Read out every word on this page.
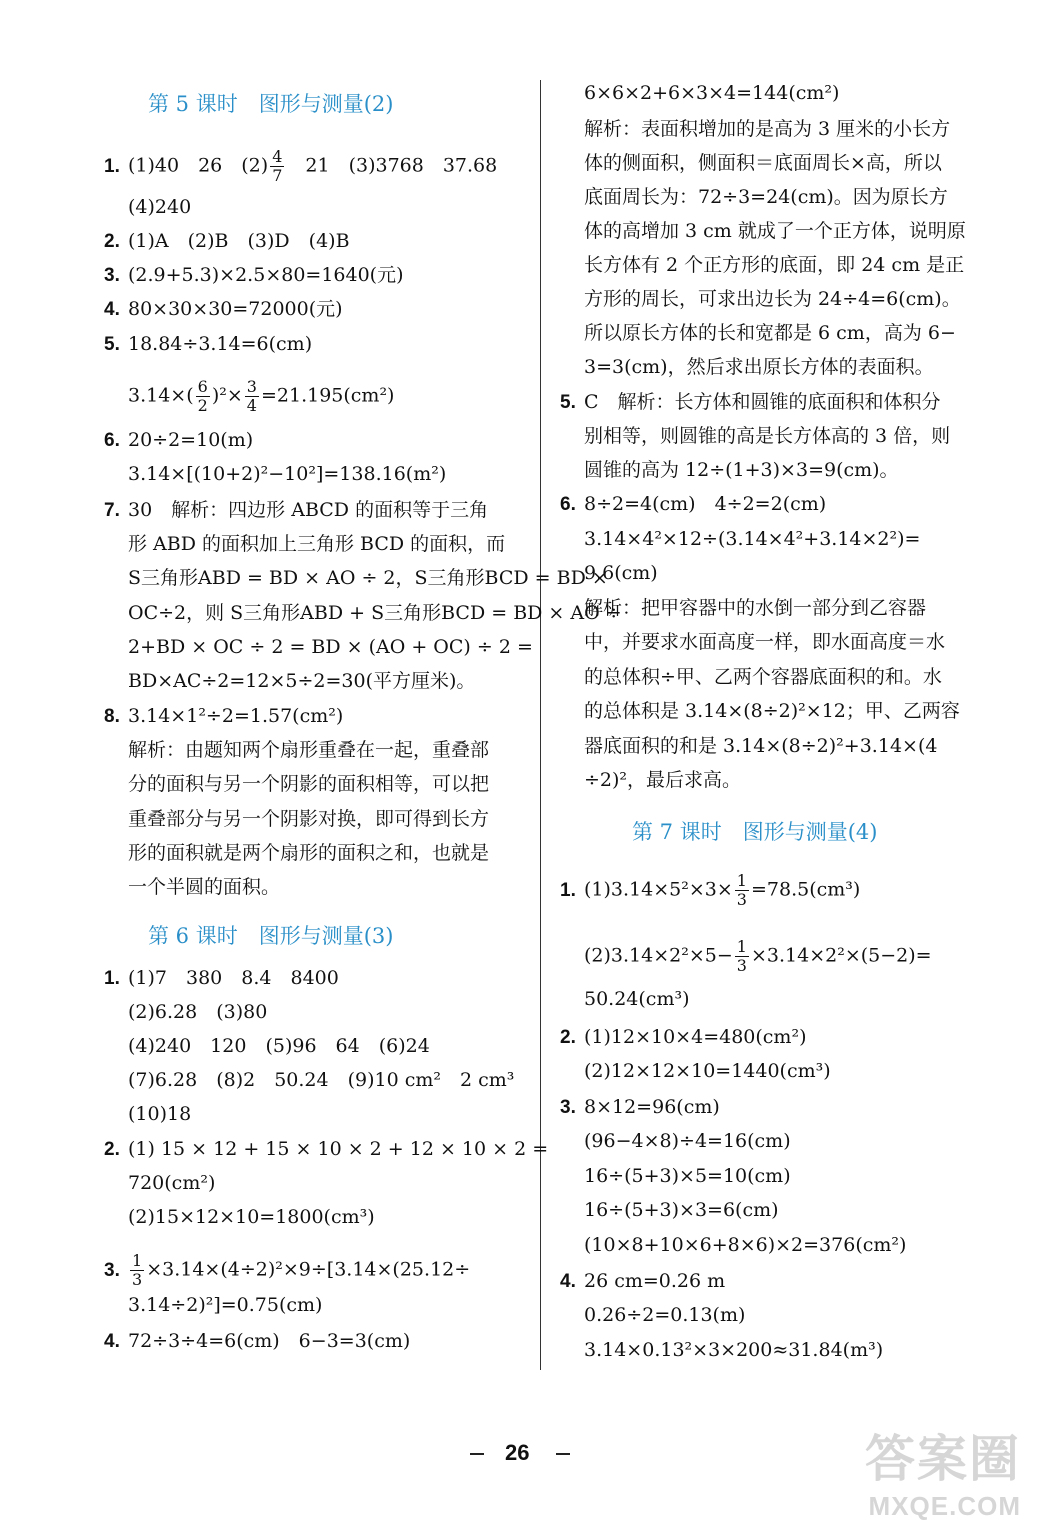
第 5 课时　图形与测量(2)
1. (1)40　26　$(2) \frac{4}{7}$
　 21　(3)3768　37.68
(4)240
2. (1)A　(2)B　(3)D　(4)B
3. (2.9+5.3)×2.5×80=1640(元)
4. 80×30×30=72000(元)
5. 18.84÷3.14=6(cm)
$3.14\times( \frac{6}{2} )^2\times \frac{3}{4} =21.195(cm^2)$
6. 20÷2=10(m)
3.14×[(10+2)²−10²]=138.16(m²)
7. 30　解析：四边形 ABCD 的面积等于三角
形 ABD 的面积加上三角形 BCD 的面积，而
S三角形ABD = BD × AO ÷ 2，S三角形BCD = BD ×
OC÷2，则 S三角形ABD + S三角形BCD = BD × AO ÷
2+BD × OC ÷ 2 = BD × (AO + OC) ÷ 2 =
BD×AC÷2=12×5÷2=30(平方厘米)。
8. 3.14×1²÷2=1.57(cm²)
解析：由题知两个扇形重叠在一起，重叠部
分的面积与另一个阴影的面积相等，可以把
重叠部分与另一个阴影对换，即可得到长方
形的面积就是两个扇形的面积之和，也就是
一个半圆的面积。
第 6 课时　图形与测量(3)
1. (1)7　380　8.4　8400
(2)6.28　(3)80
(4)240　120　(5)96　64　(6)24
(7)6.28　(8)2　50.24　(9)10 cm²　2 cm³
(10)18
2. (1) 15 × 12 + 15 × 10 × 2 + 12 × 10 × 2 =
720(cm²)
(2)15×12×10=1800(cm³)
3. $\frac{1}{3} \times 3.14\times(4\div 2)^2\times 9\div[3.14\times(25.12\div$
3.14÷2)²]=0.75(cm)
4. 72÷3÷4=6(cm)　6−3=3(cm)
6×6×2+6×3×4=144(cm²)
解析：表面积增加的是高为 3 厘米的小长方
体的侧面积，侧面积＝底面周长×高，所以
底面周长为：72÷3=24(cm)。因为原长方
体的高增加 3 cm 就成了一个正方体，说明原
长方体有 2 个正方形的底面，即 24 cm 是正
方形的周长，可求出边长为 24÷4=6(cm)。
所以原长方体的长和宽都是 6 cm，高为 6−
3=3(cm)，然后求出原长方体的表面积。
5. C　解析：长方体和圆锥的底面积和体积分
别相等，则圆锥的高是长方体高的 3 倍，则
圆锥的高为 12÷(1+3)×3=9(cm)。
6. 8÷2=4(cm)　4÷2=2(cm)
3.14×4²×12÷(3.14×4²+3.14×2²)=
9.6(cm)
解析：把甲容器中的水倒一部分到乙容器
中，并要求水面高度一样，即水面高度＝水
的总体积÷甲、乙两个容器底面积的和。水
的总体积是 3.14×(8÷2)²×12；甲、乙两容
器底面积的和是 3.14×(8÷2)²+3.14×(4
÷2)²，最后求高。
第 7 课时　图形与测量(4)
1. $(1)3.14\times 5^2\times 3\times \frac{1}{3} =78.5(cm^3)$
$(2)3.14\times 2^2\times 5- \frac{1}{3} \times 3.14\times 2^2\times(5-2)=$
50.24(cm³)
2. (1)12×10×4=480(cm²)
(2)12×12×10=1440(cm³)
3. 8×12=96(cm)
(96−4×8)÷4=16(cm)
16÷(5+3)×5=10(cm)
16÷(5+3)×3=6(cm)
(10×8+10×6+8×6)×2=376(cm²)
4. 26 cm=0.26 m
0.26÷2=0.13(m)
3.14×0.13²×3×200≈31.84(m³)
26	答案圈
MXQE.COM
